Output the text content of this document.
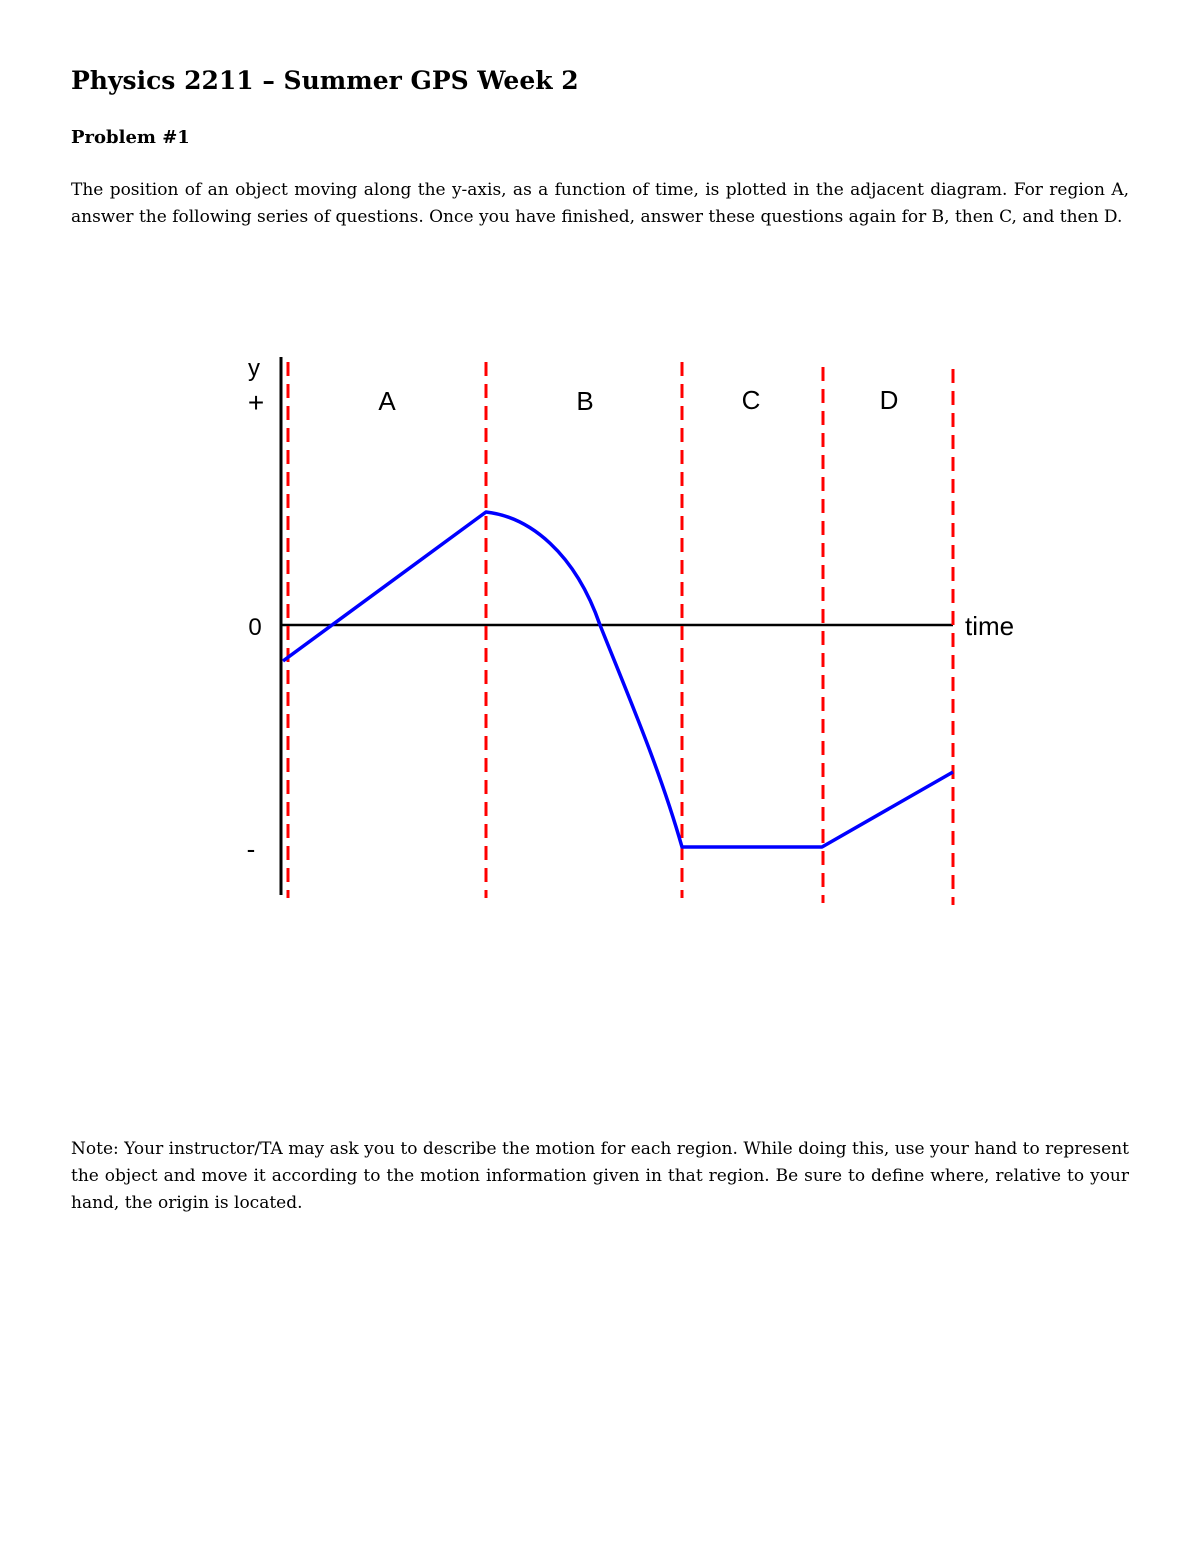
Physics 2211 – Summer GPS Week 2
Problem #1

The position of an object moving along the y-axis, as a function of time, is plotted in the adjacent diagram. For region A, answer the following series of questions. Once you have finished, answer these questions again for B, then C, and then D.

y
+
0
-
time
A	B	C	D

Note: Your instructor/TA may ask you to describe the motion for each region. While doing this, use your hand to represent the object and move it according to the motion information given in that region. Be sure to define where, relative to your hand, the origin is located.
